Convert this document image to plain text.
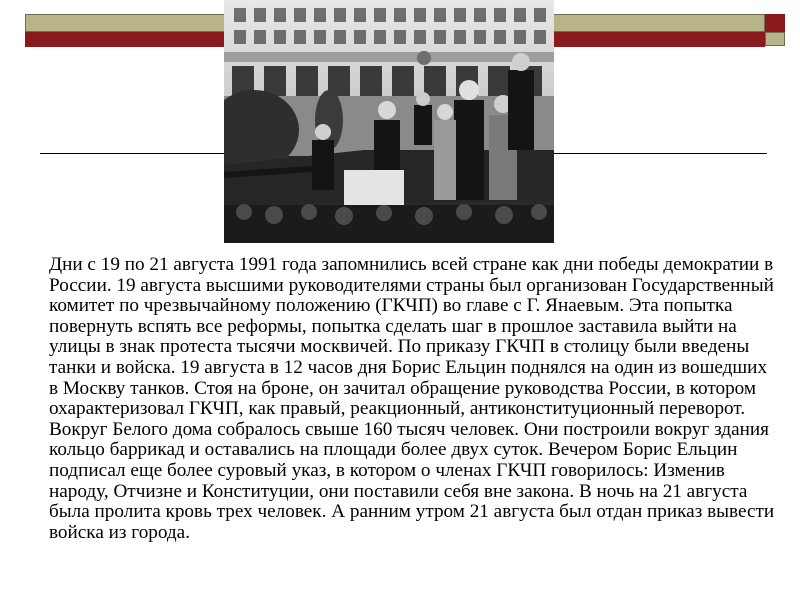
Дни с 19 по 21 августа 1991 года запомнились всей стране как дни победы демократии в России. 19 августа высшими руководителями страны был организован Государственный комитет по чрезвычайному положению (ГКЧП) во главе с Г. Янаевым. Эта попытка повернуть вспять все реформы, попытка сделать шаг в прошлое заставила выйти на улицы в знак протеста тысячи москвичей. По приказу ГКЧП в столицу были введены танки и войска. 19 августа в 12 часов дня Борис Ельцин поднялся на один из вошедших в Москву танков. Стоя на броне, он зачитал обращение руководства России, в котором охарактеризовал ГКЧП, как правый, реакционный, антиконституционный переворот. Вокруг Белого дома собралось свыше 160 тысяч человек. Они построили вокруг здания кольцо баррикад и оставались на площади более двух суток. Вечером Борис Ельцин подписал еще более суровый указ, в котором о членах ГКЧП говорилось: Изменив народу, Отчизне и Конституции, они поставили себя вне закона. В ночь на 21 августа была пролита кровь трех человек. А ранним утром 21 августа был отдан приказ вывести войска из города.
